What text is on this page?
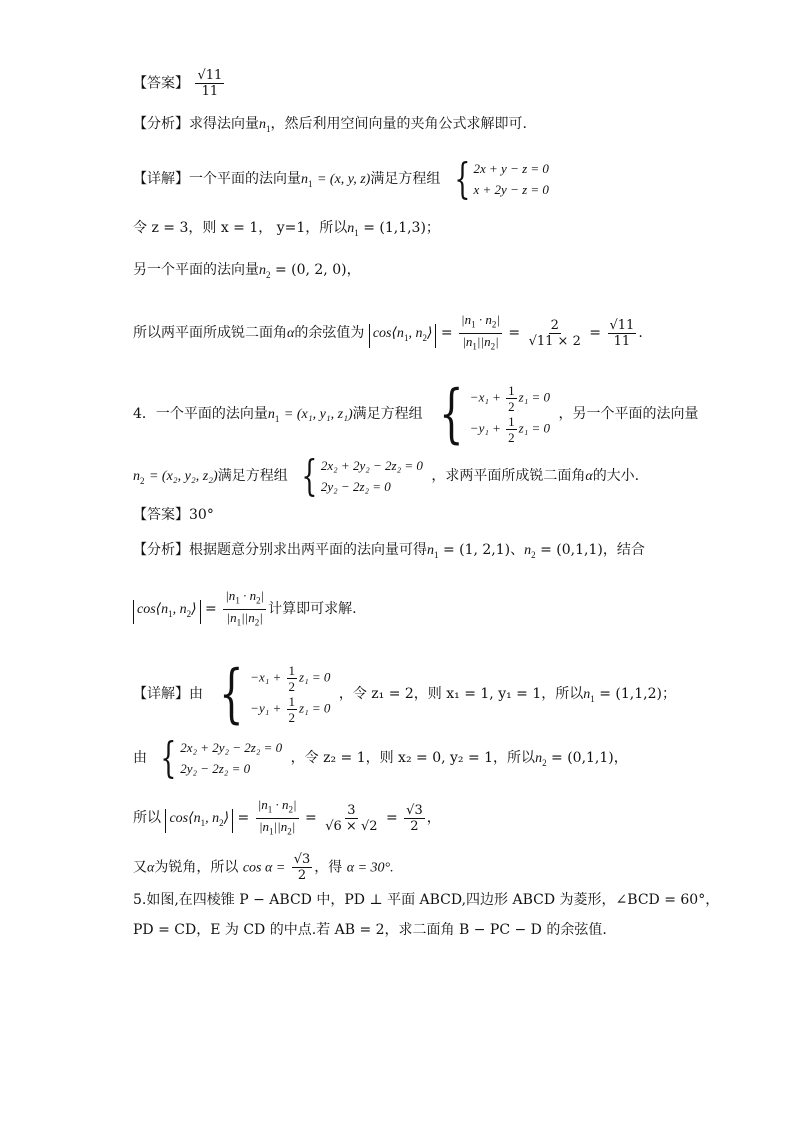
【答案】 $\frac{√11}{11}$
【分析】求得法向量$n_1$，然后利用空间向量的夹角公式求解即可.
【详解】一个平面的法向量$n_1 = (x$, y, z)满足方程组 { 2x + y − z = 0
x + 2y − z = 0
令 z = 3，则 x = 1， y=1，所以$n_1 = (1,1,3)$；
另一个平面的法向量$n_2 = (0$, 2, 0)，
所以两平面所成锐二面角α的余弦值为 $\cos⟨n_1$, $n_2⟩ = \frac{|n_1 \cdot n_2|}{|n_1||n_2|} = \frac{2}{√11 \times 2} = \frac{√11}{11}$ .
4．一个平面的法向量$n_1 = (x_1$, y₁, z₁)满足方程组 { $-x_1 + \frac{1}{2} z_1 = 0$
$-y_1 + \frac{1}{2} z_1 = 0$
，另一个平面的法向量
$n_2 = (x_2$, y₂, z₂)满足方程组 { 2x₂ + 2y₂ − 2z₂ = 0
2y₂ − 2z₂ = 0
，求两平面所成锐二面角α的大小.
【答案】30°
【分析】根据题意分别求出两平面的法向量可得$n_1 = (1$, 2,1)、$n_2 = (0,1,1)$，结合
$\cos⟨n_1$, $n_2⟩ = \frac{|n_1 \cdot n_2|}{|n_1||n_2|}$ 计算即可求解.
【详解】由 { $-x_1 + \frac{1}{2} z_1 = 0$
$-y_1 + \frac{1}{2} z_1 = 0$
，令 z₁ = 2，则 x₁ = 1, y₁ = 1，所以$n_1 = (1,1,2)$；
由 { 2x₂ + 2y₂ − 2z₂ = 0
2y₂ − 2z₂ = 0
，令 z₂ = 1，则 x₂ = 0, y₂ = 1，所以$n_2 = (0,1,1)$，
所以 $\cos⟨n_1$, $n_2⟩ = \frac{|n_1 \cdot n_2|}{|n_1||n_2|} = \frac{3}{√6 \times √2} = \frac{√3}{2}$ ，
又α为锐角，所以 $\cos \alpha = \frac{√3}{2}$ ，得 α = 30°.
5.如图,在四棱锥 P − ABCD 中，PD ⊥ 平面 ABCD,四边形 ABCD 为菱形，∠BCD = 60°，
PD = CD，E 为 CD 的中点.若 AB = 2，求二面角 B − PC − D 的余弦值.
